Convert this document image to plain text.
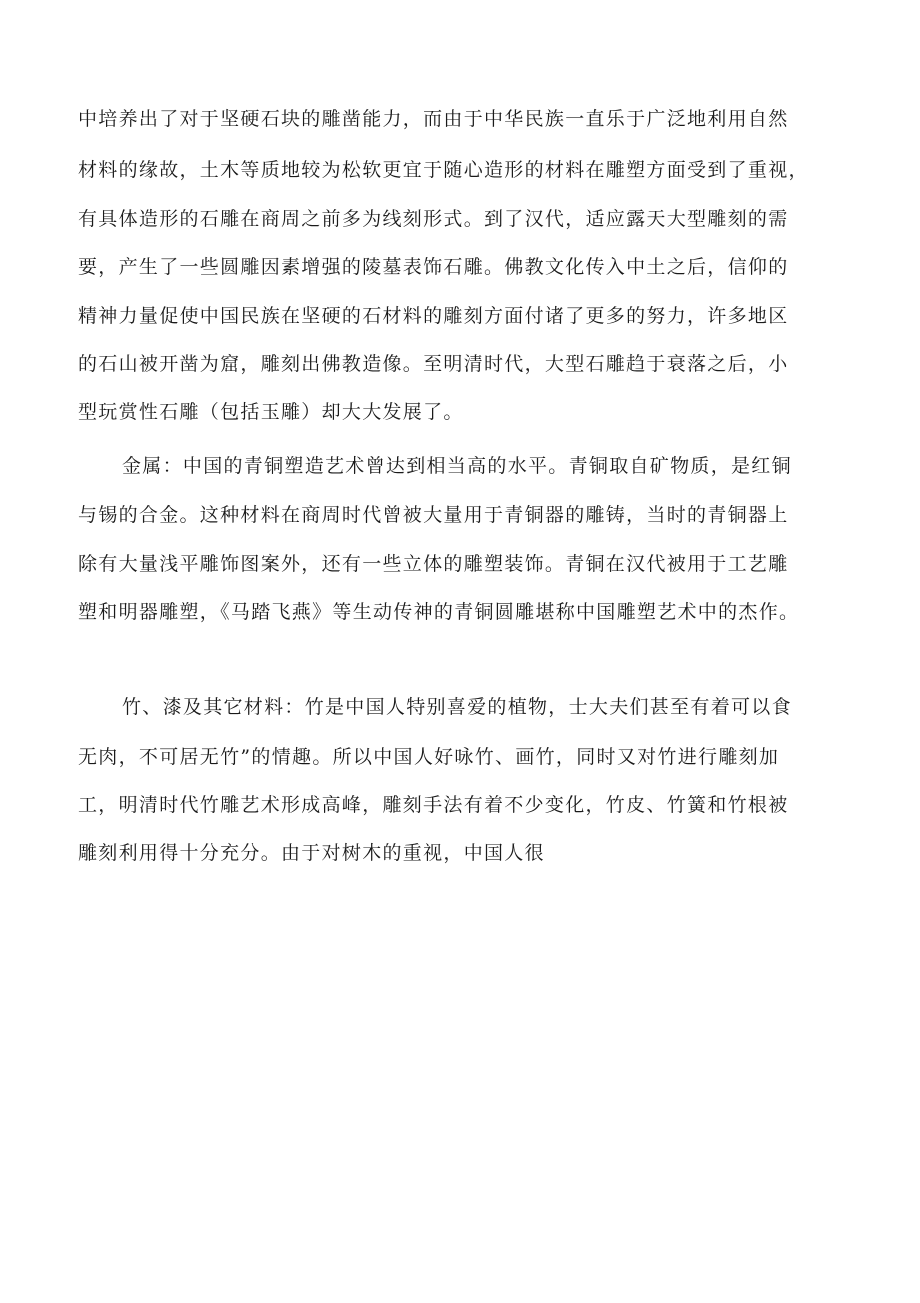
中培养出了对于坚硬石块的雕凿能力，而由于中华民族一直乐于广泛地利用自然
材料的缘故，土木等质地较为松软更宜于随心造形的材料在雕塑方面受到了重视，
有具体造形的石雕在商周之前多为线刻形式。到了汉代，适应露天大型雕刻的需
要，产生了一些圆雕因素增强的陵墓表饰石雕。佛教文化传入中土之后，信仰的
精神力量促使中国民族在坚硬的石材料的雕刻方面付诸了更多的努力，许多地区
的石山被开凿为窟，雕刻出佛教造像。至明清时代，大型石雕趋于衰落之后，小
型玩赏性石雕（包括玉雕）却大大发展了。
金属：中国的青铜塑造艺术曾达到相当高的水平。青铜取自矿物质，是红铜
与锡的合金。这种材料在商周时代曾被大量用于青铜器的雕铸，当时的青铜器上
除有大量浅平雕饰图案外，还有一些立体的雕塑装饰。青铜在汉代被用于工艺雕
塑和明器雕塑，《马踏飞燕》等生动传神的青铜圆雕堪称中国雕塑艺术中的杰作。
竹、漆及其它材料：竹是中国人特别喜爱的植物，士大夫们甚至有着可以食
无肉，不可居无竹”的情趣。所以中国人好咏竹、画竹，同时又对竹进行雕刻加
工，明清时代竹雕艺术形成高峰，雕刻手法有着不少变化，竹皮、竹簧和竹根被
雕刻利用得十分充分。由于对树木的重视，中国人很
